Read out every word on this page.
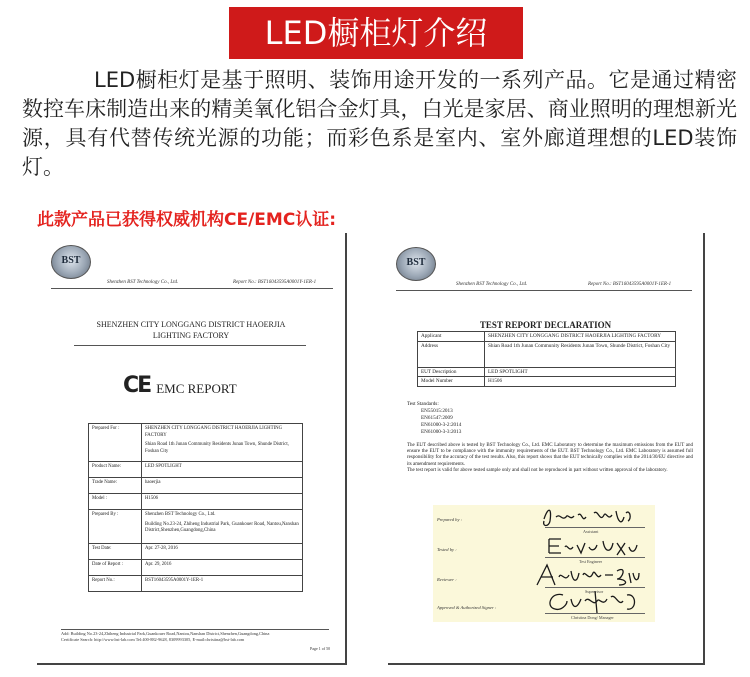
LED橱柜灯介绍
LED橱柜灯是基于照明、装饰用途开发的一系列产品。它是通过精密数控车床制造出来的精美氧化铝合金灯具，白光是家居、商业照明的理想新光源，具有代替传统光源的功能；而彩色系是室内、室外廊道理想的LED装饰灯。
此款产品已获得权威机构CE/EMC认证:
BST
Shenzhen BST Technology Co., Ltd.	Report No.: BST16043595A0001Y-1ER-1
SHENZHEN CITY LONGGANG DISTRICT HAOERJIA
LIGHTING FACTORY
CE EMC REPORT
Prepared For :	SHENZHEN CITY LONGGANG DISTRICT HAOERJIA LIGHTING FACTORY
Shian Road 1th Junan Community Residents Junan Town, Shunde District, Foshan City

Product Name:	LED SPOTLIGHT
Trade Name:	haoerjia
Model :	H1506
Prepared By :	Shenzhen BST Technology Co., Ltd.
Building No.23-24, Zhiheng Industrial Park, Guankouer Road, Nantou,Nanshan District,Shenzhen,Guangdong,China

Test Date:	Apr. 27-28, 2016
Date of Report :	Apr. 29, 2016
Report No.:	BST16043595A0001Y-1ER-1
Add: Building No.23-24,Zhiheng Industrial Park,Guankouer Road,Nantou,Nanshan District,Shenzhen,Guangdong,China
Certificate Search: http://www.bst-lab.com Tel:400-882-9628, 8309993305, E-mail:christina@bst-lab.com
Page 1 of 50
BST
Shenzhen BST Technology Co., Ltd.	Report No.: BST16043595A0001Y-1ER-1
TEST REPORT DECLARATION
Applicant	SHENZHEN CITY LONGGANG DISTRICT HAOERJIA LIGHTING FACTORY
Address	Shian Road 1th Junan Community Residents Junan Town, Shunde District, Foshan City
EUT Description	LED SPOTLIGHT
Model Number	H1506
Test Standards:
EN55015:2013
EN61547:2009
EN61000-3-2:2014
EN61000-3-3:2013
The EUT described above is tested by BST Technology Co., Ltd. EMC Laboratory to determine the maximum emissions from the EUT and ensure the EUT to be compliance with the immunity requirements of the EUT. BST Technology Co., Ltd. EMC Laboratory is assumed full responsibility for the accuracy of the test results. Also, this report shows that the EUT technically complies with the 2014/30/EU directive and its amendment requirements.
The test report is valid for above tested sample only and shall not be reproduced in part without written approval of the laboratory.
Prepared by :
Assistant
Tested by :
Test Engineer
Reviewer :
Supervisor
Approved & Authorized Signer :
Christina Dong/ Manager
